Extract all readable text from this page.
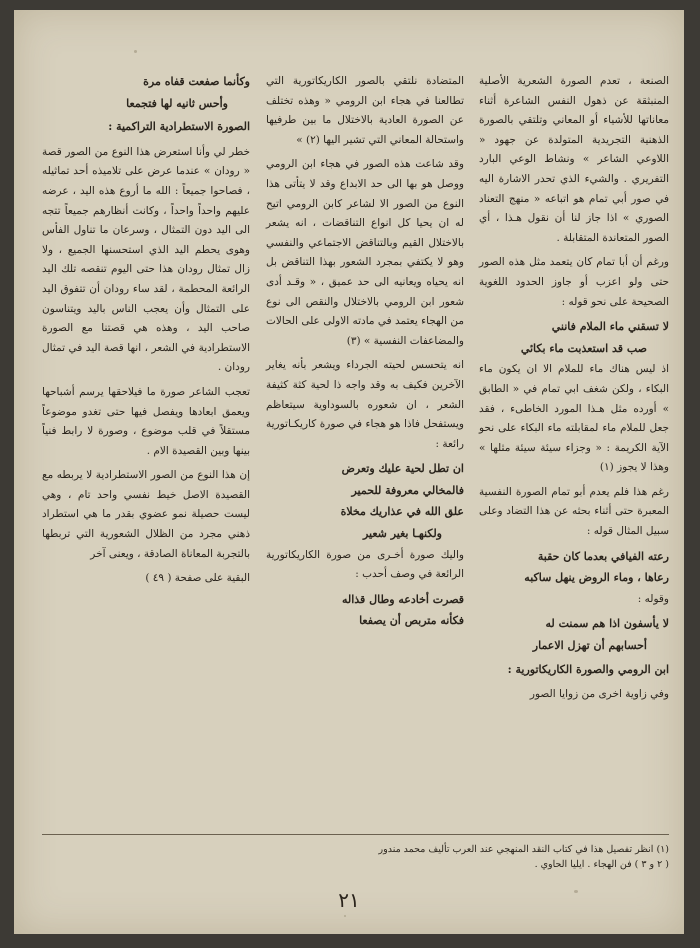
الصنعة ، تعدم الصورة الشعرية الأصلية المنبثقة عن ذهول النفس الشاعرة أثناء معاناتها للأشياء أو المعاني وتلتقي بالصورة الذهنية التجريدية المتولدة عن جهود « اللاوعي الشاعر » ونشاط الوعي البارد التفريري . والشيء الذي تحدر الاشارة اليه في صور أبي تمام هو اتباعه « منهج التعناد الصوري » اذا جاز لنا أن نقول هـذا ، أي الصور المتعاندة المتقابلة .

ورغم أن أبا تمام كان يتعمد مثل هذه الصور حتى ولو اعزب أو جاوز الحدود اللغوية الصحيحة على نحو قوله :

لا تسقني ماء الملام فانني
صب قد استعذبت ماء بكائي

اذ ليس هناك ماء للملام الا ان يكون ماء البكاء ، ولكن شغف ابي تمام في « الطابق » أورده مثل هـذا المورد الخاطىء ، فقد جعل للملام ماء لمقابلته ماء البكاء على نحو الآية الكريمة : « وجزاء سيئة سيئة مثلها » وهذا لا يجوز (١)

رغم هذا فلم يعدم أبو تمام الصورة النفسية المعبرة حتى أثناء بحثه عن هذا التضاد وعلى سبيل المثال قوله :

رعته الفيافي بعدما كان حقبة
رعاها ، وماء الروض ينهل ساكبه

وقوله :

لا يأسفون اذا هم سمنت له
أحسابهم أن تهزل الاعمار
ابن الرومي والصورة الكاريكاتورية :

وفي زاوية اخرى من زوايا الصور

المتضادة نلتقي بالصور الكاريكاتورية التي تطالعنا في هجاء ابن الرومي « وهذه تختلف عن الصورة العادية بالاختلال ما بين طرفيها واستحالة المعاني التي تشير اليها (٢) »

وقد شاعت هذه الصور في هجاء ابن الرومي ووصل هو بها الى حد الابداع وقد لا يتأتى هذا النوع من الصور الا لشاعر كابن الرومي اتيح له ان يحيا كل انواع التناقضات ، انه يشعر بالاختلال القيم وبالتناقض الاجتماعي والنفسي وهو لا يكتفي بمجرد الشعور بهذا التناقض بل انه يحياه ويعانيه الى حد عميق ، « وقـد أدى شعور ابن الرومي بالاختلال والنقص الى نوع من الهجاء يعتمد في مادته الاولى على الحالات والمضاعفات النفسية » (٣)

انه يتحسس لحيته الجرداء ويشعر بأنه يغاير الآخرين فكيف به وقد واجه ذا لحية كثة كثيفة الشعر ، ان شعوره بالسوداوية سيتعاظم ويستفحل فاذا هو هجاء في صورة كاريكـاتورية رائعة :

ان تطل لحية عليك وتعرض
فالمخالي معروفة للحمير
علق الله في عذاريك مخلاة
ولكنهـا بغير شعير

واليك صورة أخـرى من صورة الكاريكاتورية الرائعة في وصف أحدب :

قصرت أخادعه وطال قذاله
فكأنه متربص أن يصفعا
وكأنما صفعت قفاه مرة
وأحس ثانيه لها فتجمعا
الصورة الاستطرادية التراكمية :

خطر لي وأنا استعرض هذا النوع من الصور قصة « رودان » عندما عرض على تلاميذه أحد تماثيله ، فصاحوا جميعاً : الله ما أروع هذه اليد ، عرضه عليهم واحداً واحداً ، وكانت أنظارهم جميعاً تتجه الى اليد دون التمثال ، وسرعان ما تناول الفأس وهوى يحطم اليد الذي استحسنها الجميع ، ولا زال تمثال رودان هذا حتى اليوم تنقصه تلك اليد الرائعة المحطمة ، لقد ساء رودان أن تتفوق اليد على التمثال وأن يعجب الناس باليد ويتناسون صاحب اليد ، وهذه هي قصتنا مع الصورة الاستطرادية في الشعر ، انها قصة اليد في تمثال رودان .

تعجب الشاعر صورة ما فيلاحقها يرسم أشباحها ويعمق ابعادها ويفصل فيها حتى تغدو موضوعاً مستقلاً في قلب موضوع ، وصورة لا رابط فنياً بينها وبين القصيدة الام .

إن هذا النوع من الصور الاستطرادية لا يربطه مع القصيدة الاصل خيط نفسي واحد تام ، وهي ليست حصيلة نمو عضوي بقدر ما هي استطراد ذهني مجرد من الظلال الشعورية التي تربطها بالتجربة المعاناة الصادقة ، ويعنى آخر

البقية على صفحة ( ٤٩ )

(١) انظر تفصيل هذا في كتاب النقد المنهجي عند العرب تأليف محمد مندور
( ٢ و ٣ ) فن الهجاء . ايليا الحاوي .
٢١
